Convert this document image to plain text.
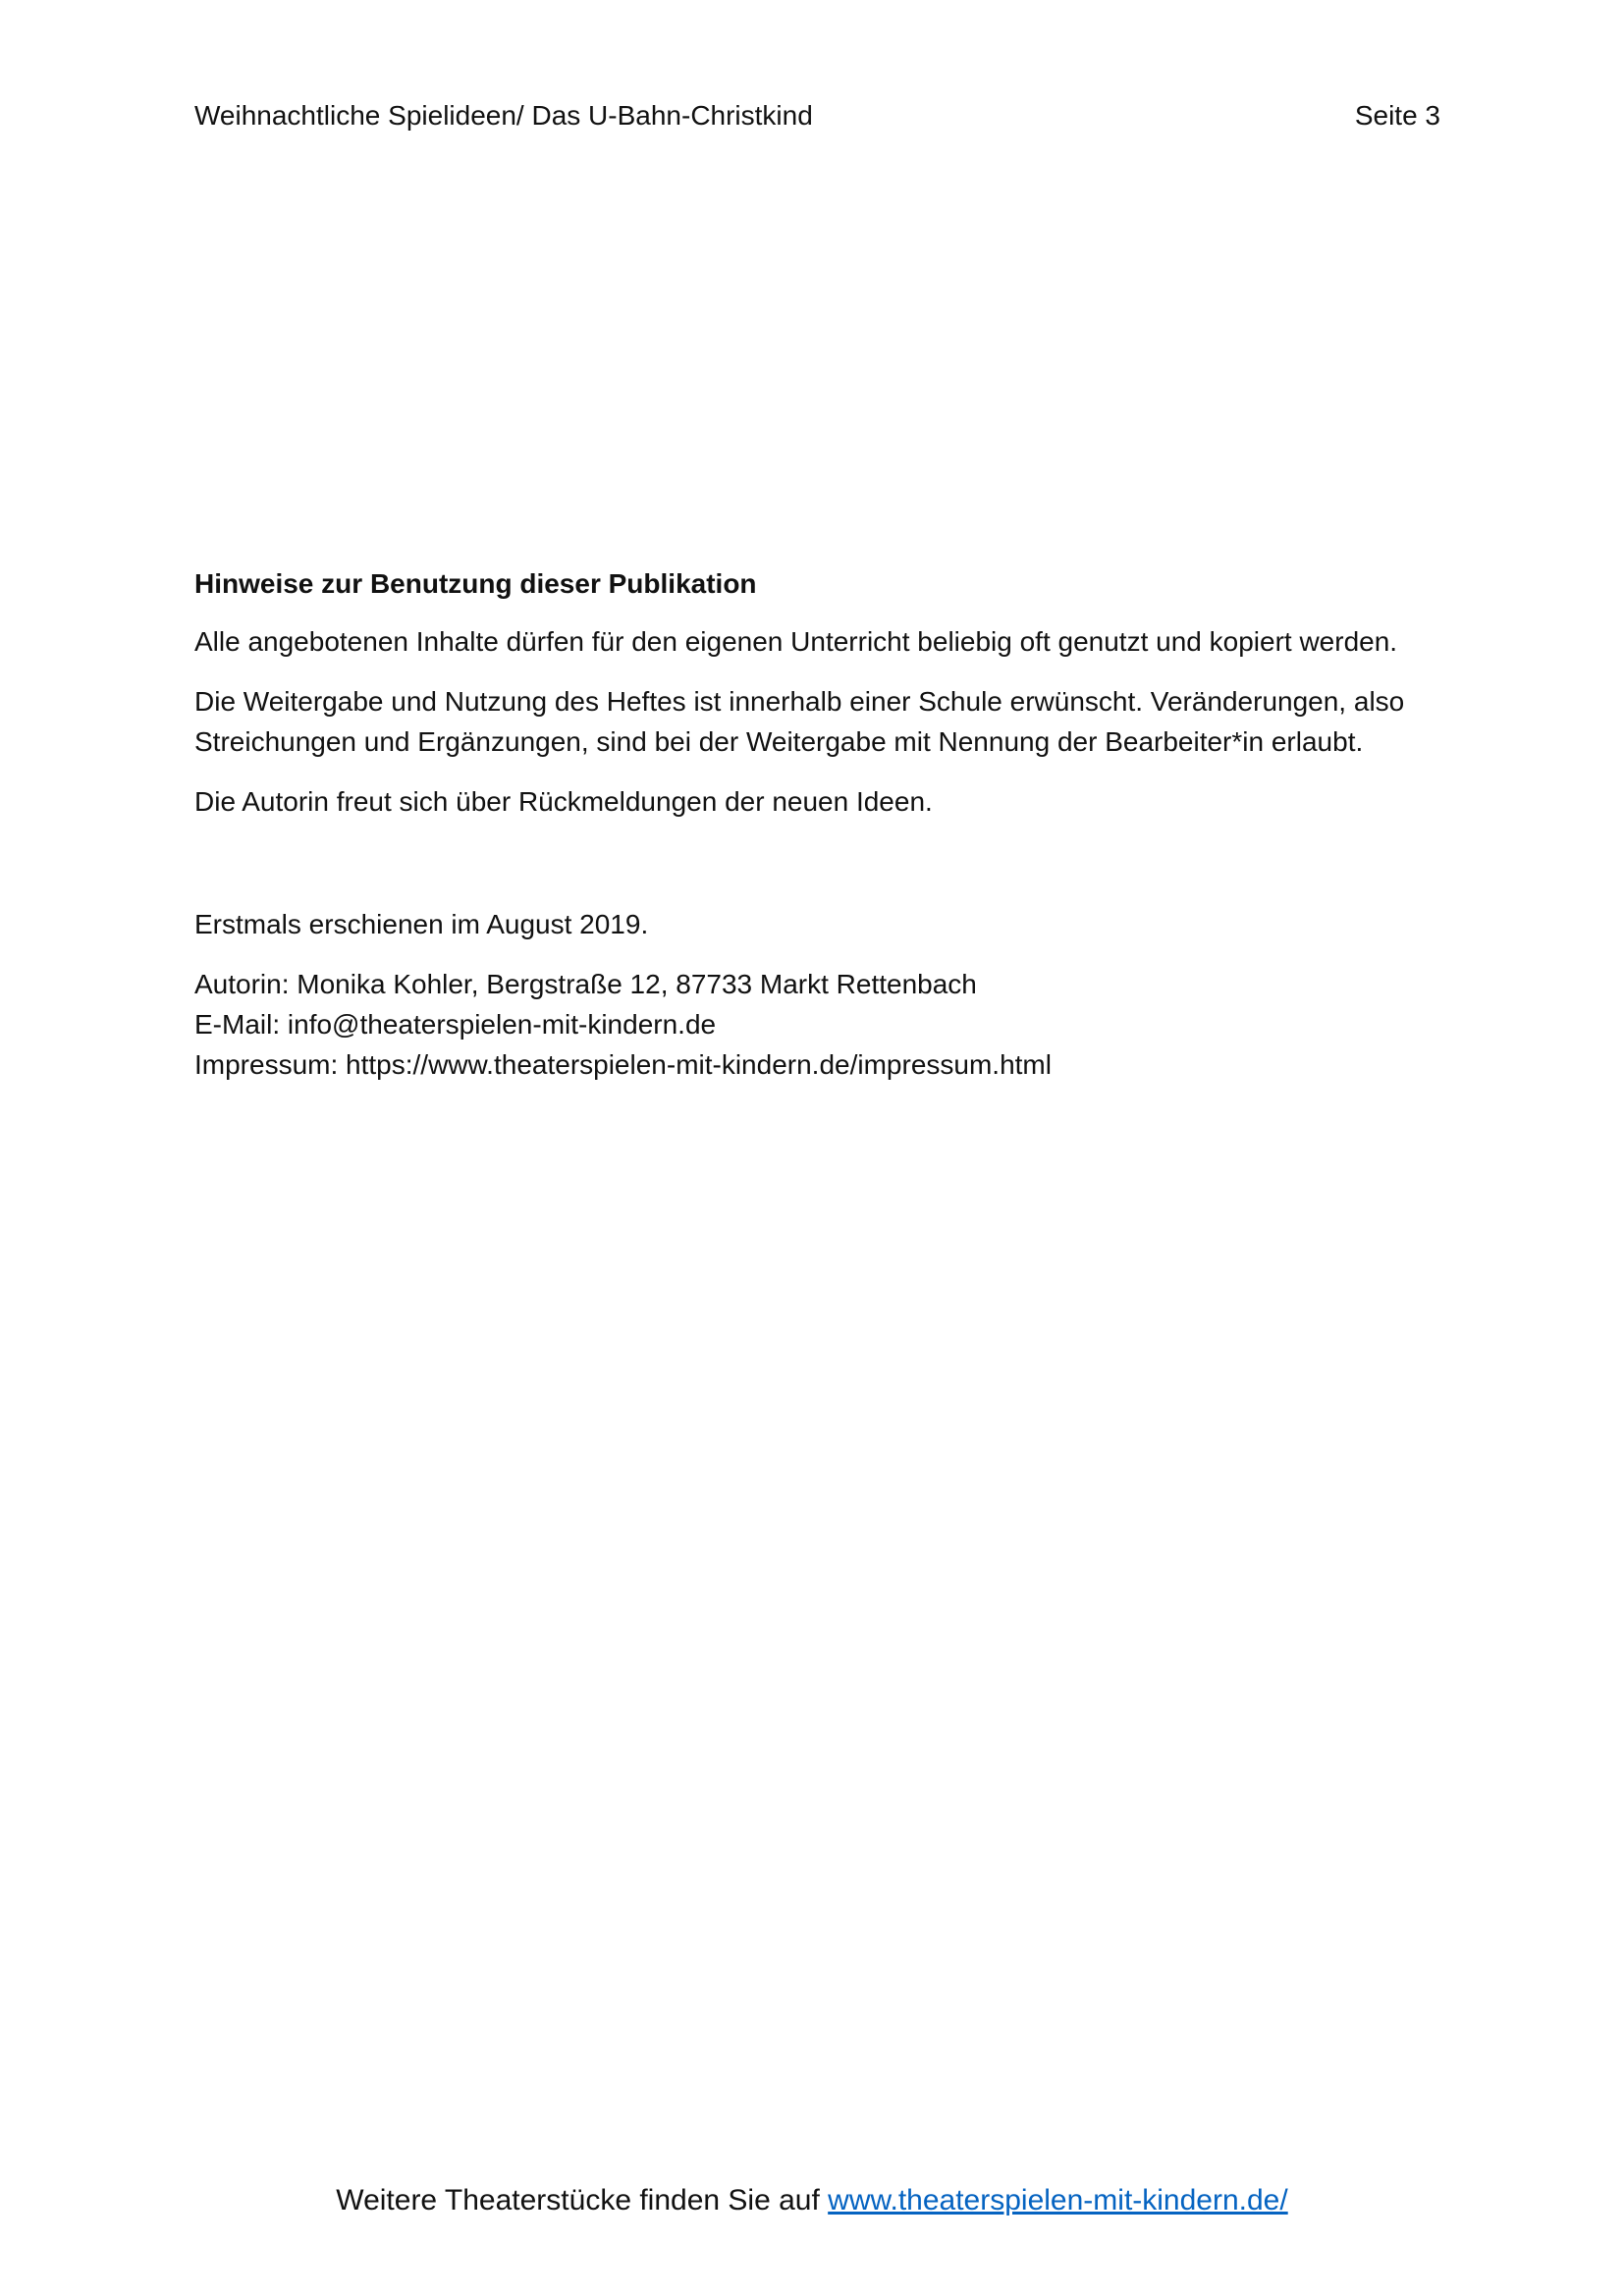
Weihnachtliche Spielideen/ Das U-Bahn-Christkind	Seite 3
Hinweise zur Benutzung dieser Publikation

Alle angebotenen Inhalte dürfen für den eigenen Unterricht beliebig oft genutzt und kopiert werden.

Die Weitergabe und Nutzung des Heftes ist innerhalb einer Schule erwünscht. Veränderungen, also Streichungen und Ergänzungen, sind bei der Weitergabe mit Nennung der Bearbeiter*in erlaubt.

Die Autorin freut sich über Rückmeldungen der neuen Ideen.

Erstmals erschienen im August 2019.

Autorin: Monika Kohler, Bergstraße 12, 87733 Markt Rettenbach
E-Mail: info@theaterspielen-mit-kindern.de
Impressum: https://www.theaterspielen-mit-kindern.de/impressum.html
Weitere Theaterstücke finden Sie auf www.theaterspielen-mit-kindern.de/
